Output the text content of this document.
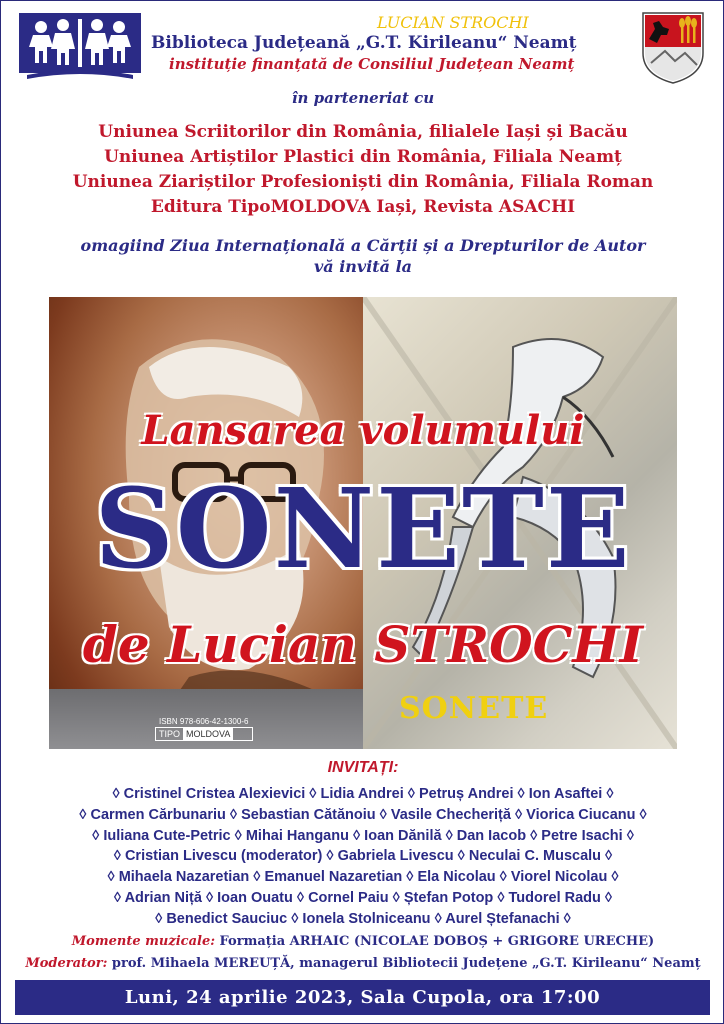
Biblioteca Județeană „G.T. Kirileanu“ Neamț
instituție finanțată de Consiliul Județean Neamț
în parteneriat cu
Uniunea Scriitorilor din România, filialele Iași și Bacău
Uniunea Artiștilor Plastici din România, Filiala Neamț
Uniunea Ziariștilor Profesioniști din România, Filiala Roman
Editura TipoMOLDOVA Iași, Revista ASACHI
omagiind Ziua Internațională a Cărții și a Drepturilor de Autor
vă invită la
ISBN 978-606-42-1300-6
TIPO MOLDOVA
LUCIAN STROCHI
Lansarea volumului
SONETE
de Lucian STROCHI
SONETE
INVITAȚI:
◊ Cristinel Cristea Alexievici ◊ Lidia Andrei ◊ Petruș Andrei ◊ Ion Asaftei ◊
◊ Carmen Cărbunariu ◊ Sebastian Cătănoiu ◊ Vasile Checheriță ◊ Viorica Ciucanu ◊
◊ Iuliana Cute-Petric ◊ Mihai Hanganu ◊ Ioan Dănilă ◊ Dan Iacob ◊ Petre Isachi ◊
◊ Cristian Livescu (moderator) ◊ Gabriela Livescu ◊ Neculai C. Muscalu ◊
◊ Mihaela Nazaretian ◊ Emanuel Nazaretian ◊ Ela Nicolau ◊ Viorel Nicolau ◊
◊ Adrian Niță ◊ Ioan Ouatu ◊ Cornel Paiu ◊ Ștefan Potop ◊ Tudorel Radu ◊
◊ Benedict Sauciuc ◊ Ionela Stolniceanu ◊ Aurel Ștefanachi ◊
Momente muzicale: Formația ARHAIC (NICOLAE DOBOȘ + GRIGORE URECHE)
Moderator: prof. Mihaela MEREUȚĂ, managerul Bibliotecii Județene „G.T. Kirileanu“ Neamț
Luni, 24 aprilie 2023, Sala Cupola, ora 17:00
